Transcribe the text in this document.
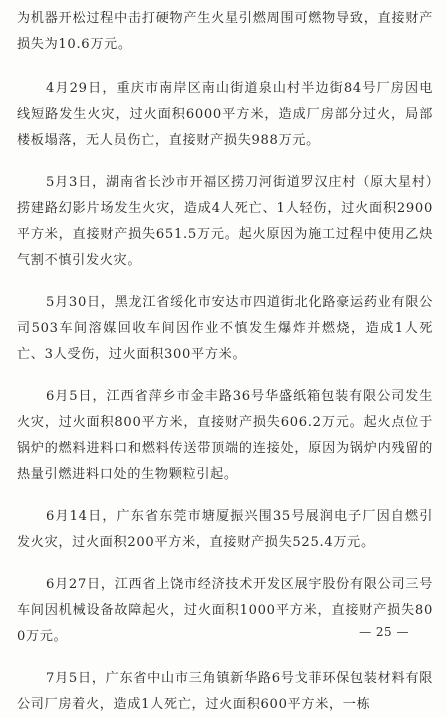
为机器开松过程中击打硬物产生火星引燃周围可燃物导致，直接财产损失为10.6万元。

4月29日，重庆市南岸区南山街道泉山村半边街84号厂房因电线短路发生火灾，过火面积6000平方米，造成厂房部分过火，局部楼板塌落，无人员伤亡，直接财产损失988万元。

5月3日，湖南省长沙市开福区捞刀河街道罗汉庄村（原大星村）捞建路幻影片场发生火灾，造成4人死亡、1人轻伤，过火面积2900平方米，直接财产损失651.5万元。起火原因为施工过程中使用乙炔气割不慎引发火灾。

5月30日，黑龙江省绥化市安达市四道街北化路豪运药业有限公司503车间溶媒回收车间因作业不慎发生爆炸并燃烧，造成1人死亡、3人受伤，过火面积300平方米。

6月5日，江西省萍乡市金丰路36号华盛纸箱包装有限公司发生火灾，过火面积800平方米，直接财产损失606.2万元。起火点位于锅炉的燃料进料口和燃料传送带顶端的连接处，原因为锅炉内残留的热量引燃进料口处的生物颗粒引起。

6月14日，广东省东莞市塘厦振兴围35号展润电子厂因自燃引发火灾，过火面积200平方米，直接财产损失525.4万元。

6月27日，江西省上饶市经济技术开发区展宇股份有限公司三号车间因机械设备故障起火，过火面积1000平方米，直接财产损失800万元。

7月5日，广东省中山市三角镇新华路6号戈菲环保包装材料有限公司厂房着火，造成1人死亡，过火面积600平方米，一栋

— 25 —
